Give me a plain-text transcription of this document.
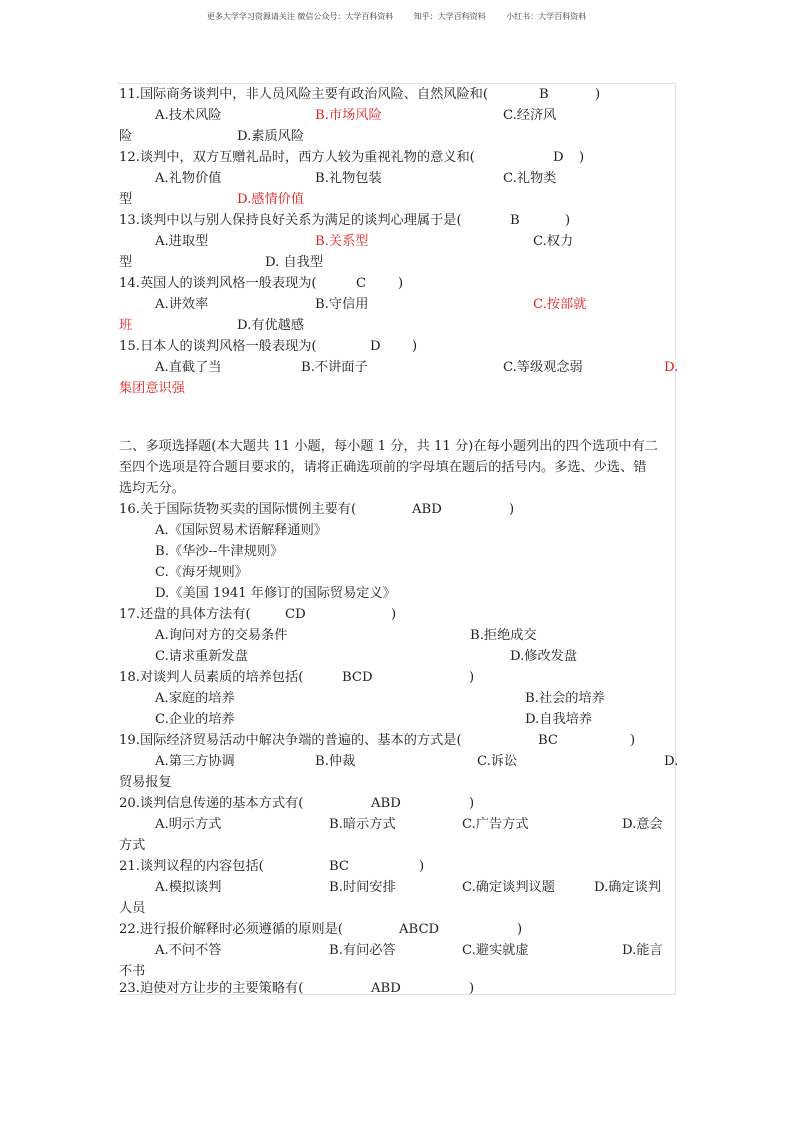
更多大学学习资源请关注 微信公众号：大学百科资料        知乎：大学百科资料        小红书：大学百科资料
11.国际商务谈判中，非人员风险主要有政治风险、自然风险和(	B	)
A.技术风险	B.市场风险	C.经济风
险	D.素质风险
12.谈判中，双方互赠礼品时，西方人较为重视礼物的意义和(	D )
A.礼物价值	B.礼物包装	C.礼物类
型	D.感情价值
13.谈判中以与别人保持良好关系为满足的谈判心理属于是(	B	)
A.进取型	B.关系型	C.权力
型	D. 自我型
14.英国人的谈判风格一般表现为(	C )
A.讲效率	B.守信用	C.按部就
班	D.有优越感
15.日本人的谈判风格一般表现为(	D )
A.直截了当	B.不讲面子	C.等级观念弱	D.
集团意识强
二、多项选择题(本大题共 11 小题，每小题 1 分，共 11 分)在每小题列出的四个选项中有二
至四个选项是符合题目要求的，请将正确选项前的字母填在题后的括号内。多选、少选、错
选均无分。
16.关于国际货物买卖的国际惯例主要有(	ABD	)
A.《国际贸易术语解释通则》
B.《华沙--牛津规则》
C.《海牙规则》
D.《美国 1941 年修订的国际贸易定义》
17.还盘的具体方法有(	CD	)
A.询问对方的交易条件	B.拒绝成交
C.请求重新发盘	D.修改发盘
18.对谈判人员素质的培养包括(	BCD	)
A.家庭的培养	B.社会的培养
C.企业的培养	D.自我培养
19.国际经济贸易活动中解决争端的普遍的、基本的方式是(	BC	)
A.第三方协调	B.仲裁	C.诉讼	D.
贸易报复
20.谈判信息传递的基本方式有(	ABD	)
A.明示方式	B.暗示方式	C.广告方式	D.意会
方式
21.谈判议程的内容包括(	BC	)
A.模拟谈判	B.时间安排	C.确定谈判议题	D.确定谈判
人员
22.进行报价解释时必须遵循的原则是(	ABCD	)
A.不问不答	B.有问必答	C.避实就虚	D.能言
不书
23.迫使对方让步的主要策略有(	ABD	)
